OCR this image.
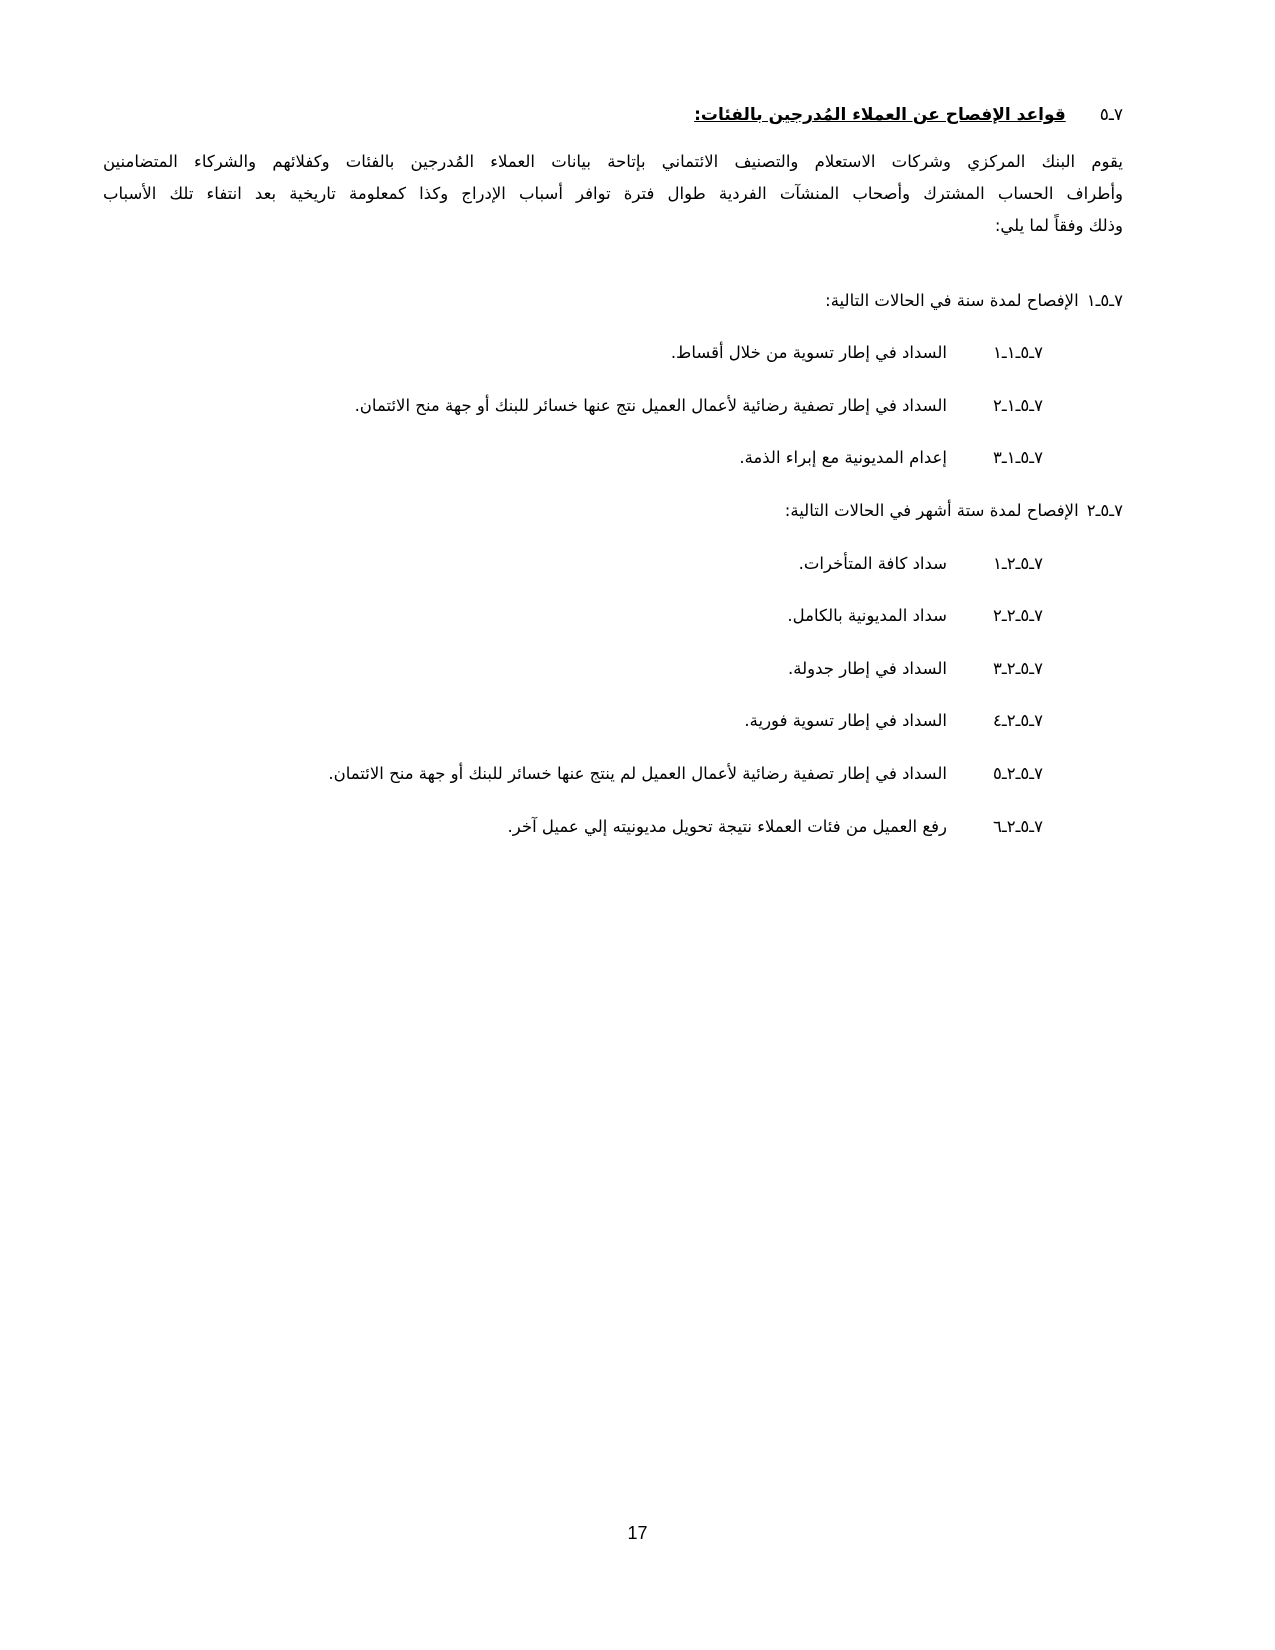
٧ـ٥
قواعد الإفصاح عن العملاء المُدرجين بالفئات:
يقوم البنك المركزي وشركات الاستعلام والتصنيف الائتماني بإتاحة بيانات العملاء المُدرجين بالفئات وكفلائهم والشركاء المتضامنين
وأطراف الحساب المشترك وأصحاب المنشآت الفردية طوال فترة توافر أسباب الإدراج وكذا كمعلومة تاريخية بعد انتفاء تلك الأسباب
وذلك وفقاً لما يلي:
٧ـ٥ـ١
الإفصاح لمدة سنة في الحالات التالية:
٧ـ٥ـ١ـ١
السداد في إطار تسوية من خلال أقساط.
٧ـ٥ـ١ـ٢
السداد في إطار تصفية رضائية لأعمال العميل نتج عنها خسائر للبنك أو جهة منح الائتمان.
٧ـ٥ـ١ـ٣
إعدام المديونية مع إبراء الذمة.
٧ـ٥ـ٢
الإفصاح لمدة ستة أشهر في الحالات التالية:
٧ـ٥ـ٢ـ١
سداد كافة المتأخرات.
٧ـ٥ـ٢ـ٢
سداد المديونية بالكامل.
٧ـ٥ـ٢ـ٣
السداد في إطار جدولة.
٧ـ٥ـ٢ـ٤
السداد في إطار تسوية فورية.
٧ـ٥ـ٢ـ٥
السداد في إطار تصفية رضائية لأعمال العميل لم ينتج عنها خسائر للبنك أو جهة منح الائتمان.
٧ـ٥ـ٢ـ٦
رفع العميل من فئات العملاء نتيجة تحويل مديونيته إلي عميل آخر.
17
